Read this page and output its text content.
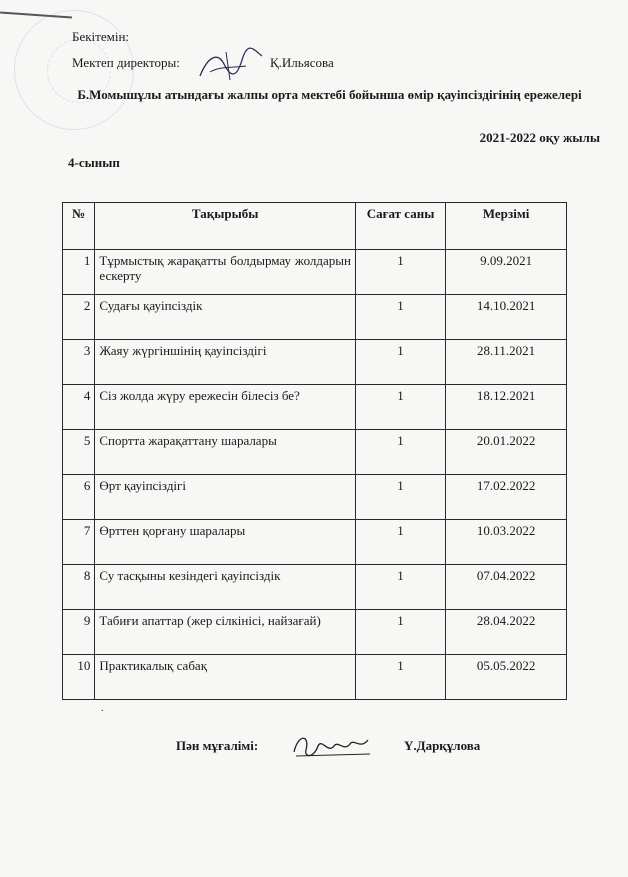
Бекітемін:
Мектеп директоры:	Қ.Ильясова
Б.Момышұлы атындағы жалпы орта мектебі бойынша өмір қауіпсіздігінің ережелері
2021-2022 оқу жылы
4-сынып
№	Тақырыбы	Сағат саны	Мерзімі
1	Тұрмыстық жарақатты болдырмау жолдарын ескерту	1	9.09.2021
2	Судағы қауіпсіздік	1	14.10.2021
3	Жаяу жүргіншінің қауіпсіздігі	1	28.11.2021
4	Сіз жолда жүру ережесін білесіз бе?	1	18.12.2021
5	Спортта жарақаттану шаралары	1	20.01.2022
6	Өрт қауіпсіздігі	1	17.02.2022
7	Өрттен қорғану шаралары	1	10.03.2022
8	Су тасқыны кезіндегі қауіпсіздік	1	07.04.2022
9	Табиғи апаттар (жер сілкінісі, найзағай)	1	28.04.2022
10	Практикалық сабақ	1	05.05.2022
.
Пән мұғалімі:	Ү.Дарқұлова
